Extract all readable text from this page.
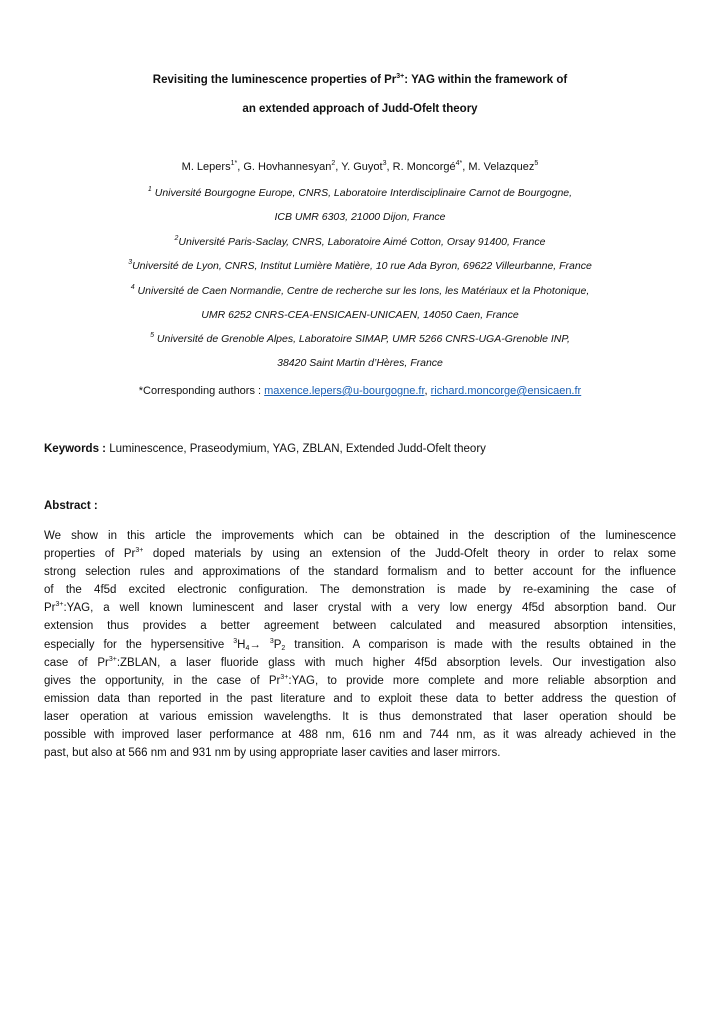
Revisiting the luminescence properties of $Pr^{3+}$: YAG within the framework of
an extended approach of Judd-Ofelt theory
M. Lepers$^{1*}$, G. Hovhannesyan$^2$, Y. Guyot$^3$, R. Moncorgé$^{4*}$, M. Velazquez$^5$
$^1$ Université Bourgogne Europe, CNRS, Laboratoire Interdisciplinaire Carnot de Bourgogne,
ICB UMR 6303, 21000 Dijon, France
$^2$Université Paris-Saclay, CNRS, Laboratoire Aimé Cotton, Orsay 91400, France
$^3$Université de Lyon, CNRS, Institut Lumière Matière, 10 rue Ada Byron, 69622 Villeurbanne, France
$^4$ Université de Caen Normandie, Centre de recherche sur les Ions, les Matériaux et la Photonique,
UMR 6252 CNRS-CEA-ENSICAEN-UNICAEN, 14050 Caen, France
$^5$ Université de Grenoble Alpes, Laboratoire SIMAP, UMR 5266 CNRS-UGA-Grenoble INP,
38420 Saint Martin d’Hères, France
*Corresponding authors : maxence.lepers@u-bourgogne.fr, richard.moncorge@ensicaen.fr
Keywords : Luminescence, Praseodymium, YAG, ZBLAN, Extended Judd-Ofelt theory
Abstract :
We show in this article the improvements which can be obtained in the description of the luminescence
properties of $Pr^{3+}$ doped materials by using an extension of the Judd-Ofelt theory in order to relax some
strong selection rules and approximations of the standard formalism and to better account for the influence
of the 4f5d excited electronic configuration. The demonstration is made by re-examining the case of
$Pr^{3+}:YAG$, a well known luminescent and laser crystal with a very low energy 4f5d absorption band. Our
extension thus provides a better agreement between calculated and measured absorption intensities,
especially for the hypersensitive $^3H_4\to ^3P_2$ transition. A comparison is made with the results obtained in the
case of $Pr^{3+}:ZBLAN$, a laser fluoride glass with much higher 4f5d absorption levels. Our investigation also
gives the opportunity, in the case of $Pr^{3+}:YAG$, to provide more complete and more reliable absorption and
emission data than reported in the past literature and to exploit these data to better address the question of
laser operation at various emission wavelengths. It is thus demonstrated that laser operation should be
possible with improved laser performance at 488 nm, 616 nm and 744 nm, as it was already achieved in the
past, but also at 566 nm and 931 nm by using appropriate laser cavities and laser mirrors.
